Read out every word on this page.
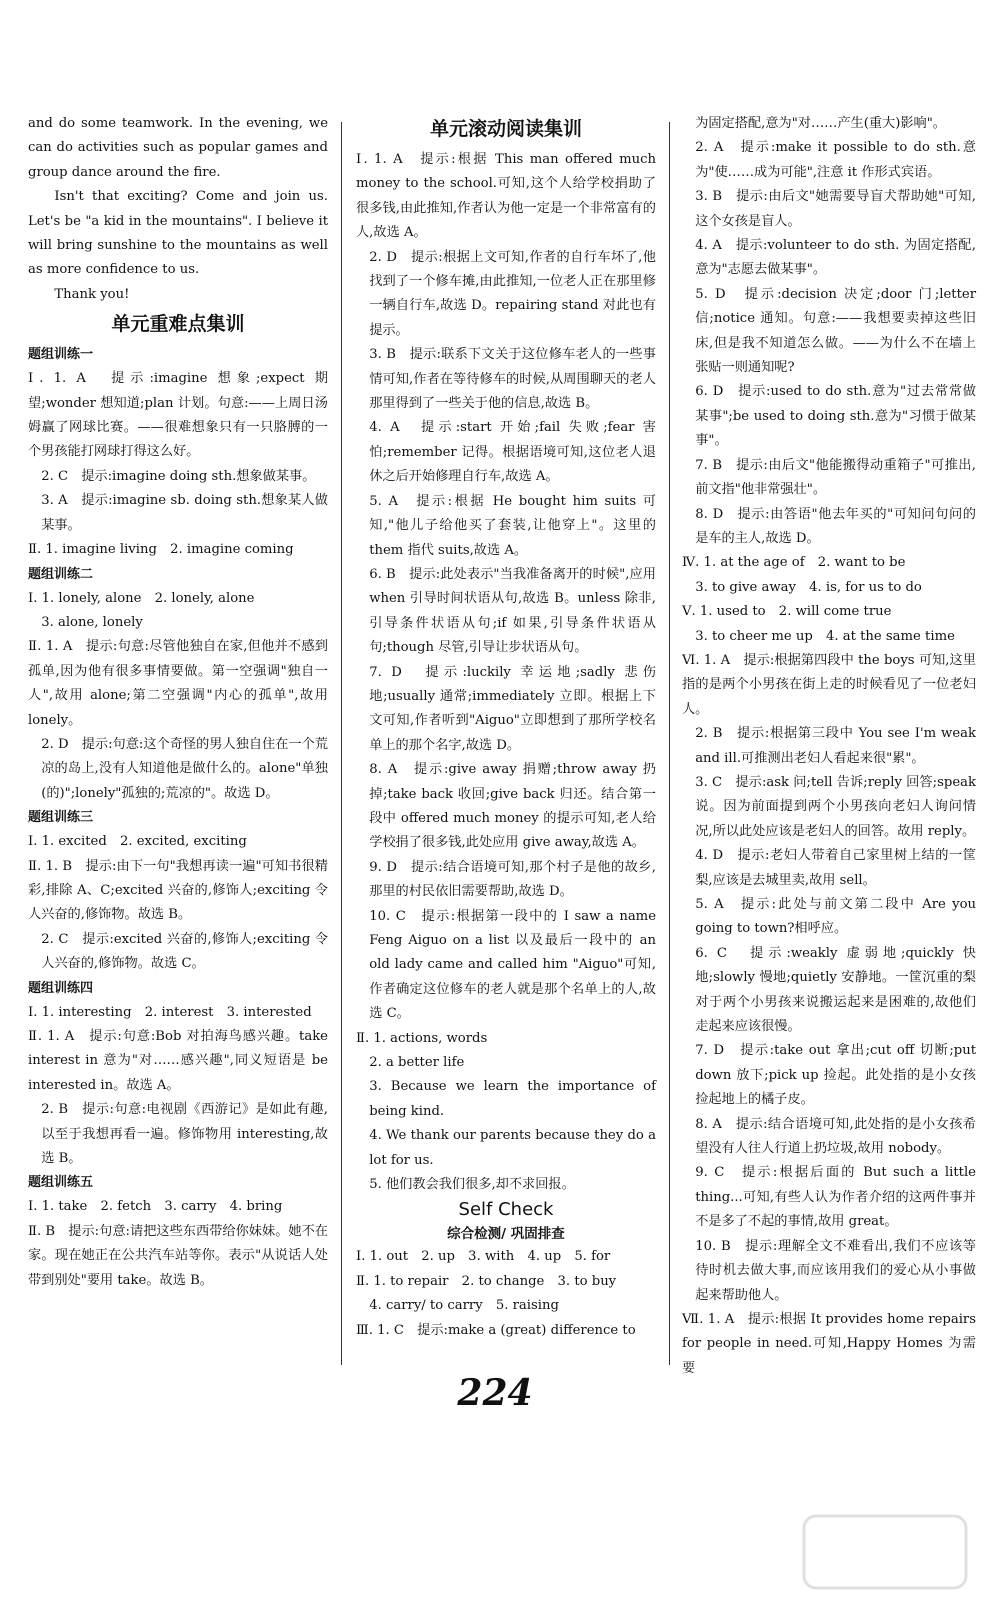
and do some teamwork. In the evening, we can do activities such as popular games and group dance around the fire.

Isn't that exciting? Come and join us. Let's be "a kid in the mountains". I believe it will bring sunshine to the mountains as well as more confidence to us.

Thank you!

单元重难点集训
题组训练一

Ⅰ. 1. A　提示:imagine 想象;expect 期望;wonder 想知道;plan 计划。句意:——上周日汤姆赢了网球比赛。——很难想象只有一只胳膊的一个男孩能打网球打得这么好。

2. C　提示:imagine doing sth.想象做某事。

3. A　提示:imagine sb. doing sth.想象某人做某事。

Ⅱ. 1. imagine living　2. imagine coming

题组训练二

Ⅰ. 1. lonely, alone　2. lonely, alone

3. alone, lonely

Ⅱ. 1. A　提示:句意:尽管他独自在家,但他并不感到孤单,因为他有很多事情要做。第一空强调"独自一人",故用 alone;第二空强调"内心的孤单",故用 lonely。

2. D　提示:句意:这个奇怪的男人独自住在一个荒凉的岛上,没有人知道他是做什么的。alone"单独(的)";lonely"孤独的;荒凉的"。故选 D。

题组训练三

Ⅰ. 1. excited　2. excited, exciting

Ⅱ. 1. B　提示:由下一句"我想再读一遍"可知书很精彩,排除 A、C;excited 兴奋的,修饰人;exciting 令人兴奋的,修饰物。故选 B。

2. C　提示:excited 兴奋的,修饰人;exciting 令人兴奋的,修饰物。故选 C。

题组训练四

Ⅰ. 1. interesting　2. interest　3. interested

Ⅱ. 1. A　提示:句意:Bob 对拍海鸟感兴趣。take interest in 意为"对……感兴趣",同义短语是 be interested in。故选 A。

2. B　提示:句意:电视剧《西游记》是如此有趣,以至于我想再看一遍。修饰物用 interesting,故选 B。

题组训练五

Ⅰ. 1. take　2. fetch　3. carry　4. bring

Ⅱ. B　提示:句意:请把这些东西带给你妹妹。她不在家。现在她正在公共汽车站等你。表示"从说话人处带到别处"要用 take。故选 B。

单元滚动阅读集训

Ⅰ. 1. A　提示:根据 This man offered much money to the school.可知,这个人给学校捐助了很多钱,由此推知,作者认为他一定是一个非常富有的人,故选 A。

2. D　提示:根据上文可知,作者的自行车坏了,他找到了一个修车摊,由此推知,一位老人正在那里修一辆自行车,故选 D。repairing stand 对此也有提示。

3. B　提示:联系下文关于这位修车老人的一些事情可知,作者在等待修车的时候,从周围聊天的老人那里得到了一些关于他的信息,故选 B。

4. A　提示:start 开始;fail 失败;fear 害怕;remember 记得。根据语境可知,这位老人退休之后开始修理自行车,故选 A。

5. A　提示:根据 He bought him suits 可知,"他儿子给他买了套装,让他穿上"。这里的 them 指代 suits,故选 A。

6. B　提示:此处表示"当我准备离开的时候",应用 when 引导时间状语从句,故选 B。unless 除非,引导条件状语从句;if 如果,引导条件状语从句;though 尽管,引导让步状语从句。

7. D　提示:luckily 幸运地;sadly 悲伤地;usually 通常;immediately 立即。根据上下文可知,作者听到"Aiguo"立即想到了那所学校名单上的那个名字,故选 D。

8. A　提示:give away 捐赠;throw away 扔掉;take back 收回;give back 归还。结合第一段中 offered much money 的提示可知,老人给学校捐了很多钱,此处应用 give away,故选 A。

9. D　提示:结合语境可知,那个村子是他的故乡,那里的村民依旧需要帮助,故选 D。

10. C　提示:根据第一段中的 I saw a name Feng Aiguo on a list 以及最后一段中的 an old lady came and called him "Aiguo"可知,作者确定这位修车的老人就是那个名单上的人,故选 C。

Ⅱ. 1. actions, words

2. a better life

3. Because we learn the importance of being kind.

4. We thank our parents because they do a lot for us.

5. 他们教会我们很多,却不求回报。

Self Check
综合检测/ 巩固排查

Ⅰ. 1. out　2. up　3. with　4. up　5. for

Ⅱ. 1. to repair　2. to change　3. to buy

4. carry/ to carry　5. raising

Ⅲ. 1. C　提示:make a (great) difference to

为固定搭配,意为"对……产生(重大)影响"。

2. A　提示:make it possible to do sth.意为"使……成为可能",注意 it 作形式宾语。

3. B　提示:由后文"她需要导盲犬帮助她"可知,这个女孩是盲人。

4. A　提示:volunteer to do sth. 为固定搭配,意为"志愿去做某事"。

5. D　提示:decision 决定;door 门;letter 信;notice 通知。句意:——我想要卖掉这些旧床,但是我不知道怎么做。——为什么不在墙上张贴一则通知呢?

6. D　提示:used to do sth.意为"过去常常做某事";be used to doing sth.意为"习惯于做某事"。

7. B　提示:由后文"他能搬得动重箱子"可推出,前文指"他非常强壮"。

8. D　提示:由答语"他去年买的"可知问句问的是车的主人,故选 D。

Ⅳ. 1. at the age of　2. want to be

3. to give away　4. is, for us to do

Ⅴ. 1. used to　2. will come true

3. to cheer me up　4. at the same time

Ⅵ. 1. A　提示:根据第四段中 the boys 可知,这里指的是两个小男孩在街上走的时候看见了一位老妇人。

2. B　提示:根据第三段中 You see I'm weak and ill.可推测出老妇人看起来很"累"。

3. C　提示:ask 问;tell 告诉;reply 回答;speak 说。因为前面提到两个小男孩向老妇人询问情况,所以此处应该是老妇人的回答。故用 reply。

4. D　提示:老妇人带着自己家里树上结的一筐梨,应该是去城里卖,故用 sell。

5. A　提示:此处与前文第二段中 Are you going to town?相呼应。

6. C　提示:weakly 虚弱地;quickly 快地;slowly 慢地;quietly 安静地。一筐沉重的梨对于两个小男孩来说搬运起来是困难的,故他们走起来应该很慢。

7. D　提示:take out 拿出;cut off 切断;put down 放下;pick up 捡起。此处指的是小女孩捡起地上的橘子皮。

8. A　提示:结合语境可知,此处指的是小女孩希望没有人往人行道上扔垃圾,故用 nobody。

9. C　提示:根据后面的 But such a little thing...可知,有些人认为作者介绍的这两件事并不是多了不起的事情,故用 great。

10. B　提示:理解全文不难看出,我们不应该等待时机去做大事,而应该用我们的爱心从小事做起来帮助他人。

Ⅶ. 1. A　提示:根据 It provides home repairs for people in need.可知,Happy Homes 为需要

224
